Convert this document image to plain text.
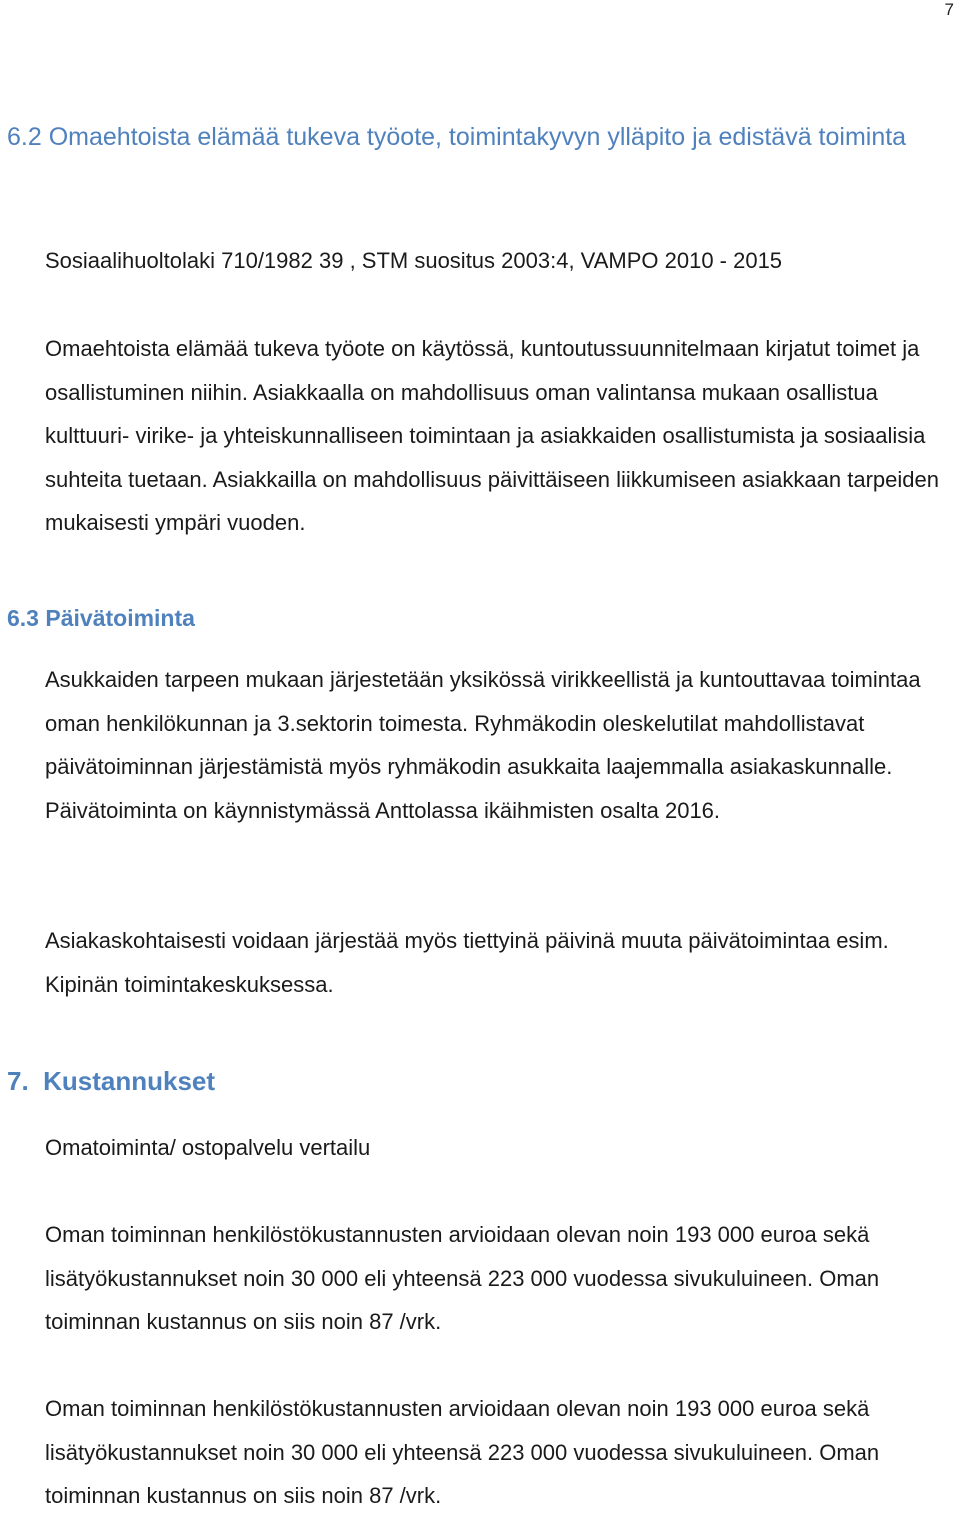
7
6.2 Omaehtoista elämää tukeva työote, toimintakyvyn ylläpito ja edistävä toiminta

Sosiaalihuoltolaki 710/1982 39 , STM suositus 2003:4, VAMPO 2010 - 2015

Omaehtoista elämää tukeva työote on käytössä, kuntoutussuunnitelmaan kirjatut toimet ja osallistuminen niihin. Asiakkaalla on mahdollisuus oman valintansa mukaan osallistua kulttuuri- virike- ja yhteiskunnalliseen toimintaan ja asiakkaiden osallistumista ja sosiaalisia suhteita tuetaan. Asiakkailla on mahdollisuus päivittäiseen liikkumiseen asiakkaan tarpeiden mukaisesti ympäri vuoden.

6.3 Päivätoiminta

Asukkaiden tarpeen mukaan järjestetään yksikössä virikkeellistä ja kuntouttavaa toimintaa oman henkilökunnan ja 3.sektorin toimesta. Ryhmäkodin oleskelutilat mahdollistavat päivätoiminnan järjestämistä myös ryhmäkodin asukkaita laajemmalla asiakaskunnalle. Päivätoiminta on käynnistymässä Anttolassa ikäihmisten osalta 2016.

Asiakaskohtaisesti voidaan järjestää myös tiettyinä päivinä muuta päivätoimintaa esim. Kipinän toimintakeskuksessa.

7.  Kustannukset

Omatoiminta/ ostopalvelu vertailu

Oman toiminnan henkilöstökustannusten arvioidaan olevan noin 193 000 euroa sekä lisätyökustannukset noin 30 000 eli yhteensä 223 000 vuodessa sivukuluineen. Oman toiminnan kustannus on siis noin 87 /vrk.

Oman toiminnan henkilöstökustannusten arvioidaan olevan noin 193 000 euroa sekä lisätyökustannukset noin 30 000 eli yhteensä 223 000 vuodessa sivukuluineen. Oman toiminnan kustannus on siis noin 87 /vrk.
